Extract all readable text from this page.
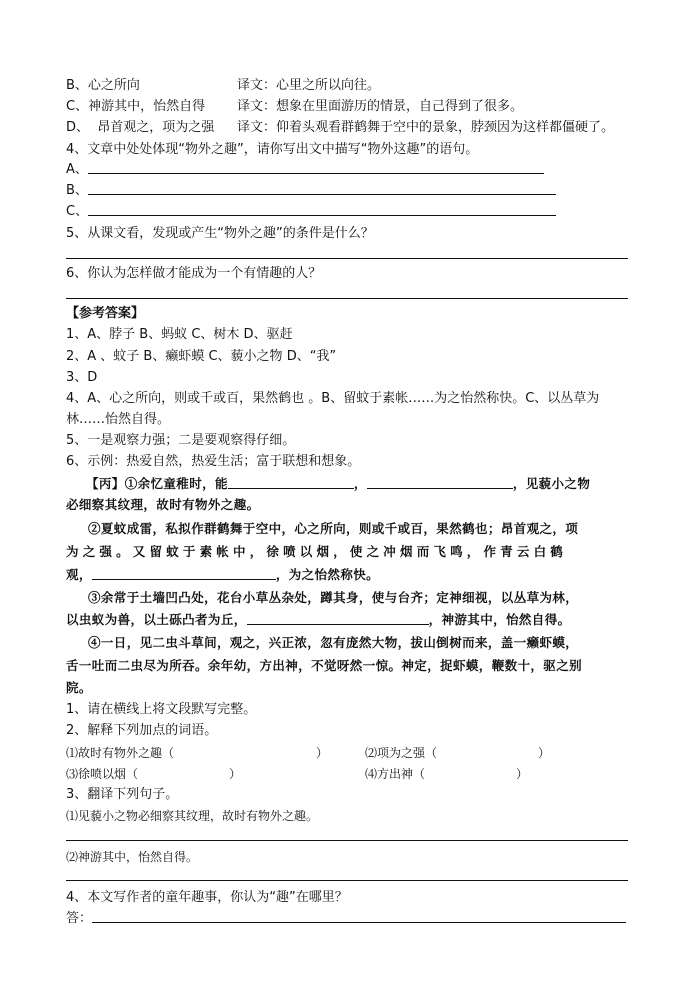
B、心之所向	译文：心里之所以向往。
C、神游其中，怡然自得 译文：想象在里面游历的情景，自己得到了很多。
D、  昂首观之，项为之强 译文：仰着头观看群鹤舞于空中的景象，脖颈因为这样都僵硬了。
4、文章中处处体现“物外之趣”，请你写出文中描写“物外这趣”的语句。
A、
B、
C、
5、从课文看，发现或产生“物外之趣”的条件是什么？
6、你认为怎样做才能成为一个有情趣的人？
【参考答案】
1、A、脖子 B、蚂蚁 C、树木 D、驱赶
2、A 、蚊子 B、癞虾蟆 C、藐小之物 D、“我”
3、D
4、A、心之所向，则或千或百，果然鹤也 。B、留蚊于素帐……为之怡然称快。C、以丛草为
林……怡然自得。
5、一是观察力强；二是要观察得仔细。
6、示例：热爱自然，热爱生活；富于联想和想象。
【丙】①余忆童稚时，能	，	，见藐小之物
必细察其纹理，故时有物外之趣。
②夏蚊成雷，私拟作群鹤舞于空中，心之所向，则或千或百，果然鹤也；昂首观之，项
为之强。又留蚊于素帐中，徐喷以烟，使之冲烟而飞鸣，作青云白鹤
观，	，为之怡然称快。
③余常于土墙凹凸处，花台小草丛杂处，蹲其身，使与台齐；定神细视，以丛草为林，
以虫蚁为兽，以土砾凸者为丘，	，神游其中，怡然自得。
④一日，见二虫斗草间，观之，兴正浓，忽有庞然大物，拔山倒树而来，盖一癞虾蟆，
舌一吐而二虫尽为所吞。余年幼，方出神，不觉呀然一惊。神定，捉虾蟆，鞭数十，驱之别
院。
1、请在横线上将文段默写完整。
2、解释下列加点的词语。
⑴故时有物外之趣（	）	⑵项为之强（	）
⑶徐喷以烟（	）	⑷方出神（	）
3、翻译下列句子。
⑴见藐小之物必细察其纹理，故时有物外之趣。
⑵神游其中，怡然自得。
4、本文写作者的童年趣事，你认为“趣”在哪里？
答：
